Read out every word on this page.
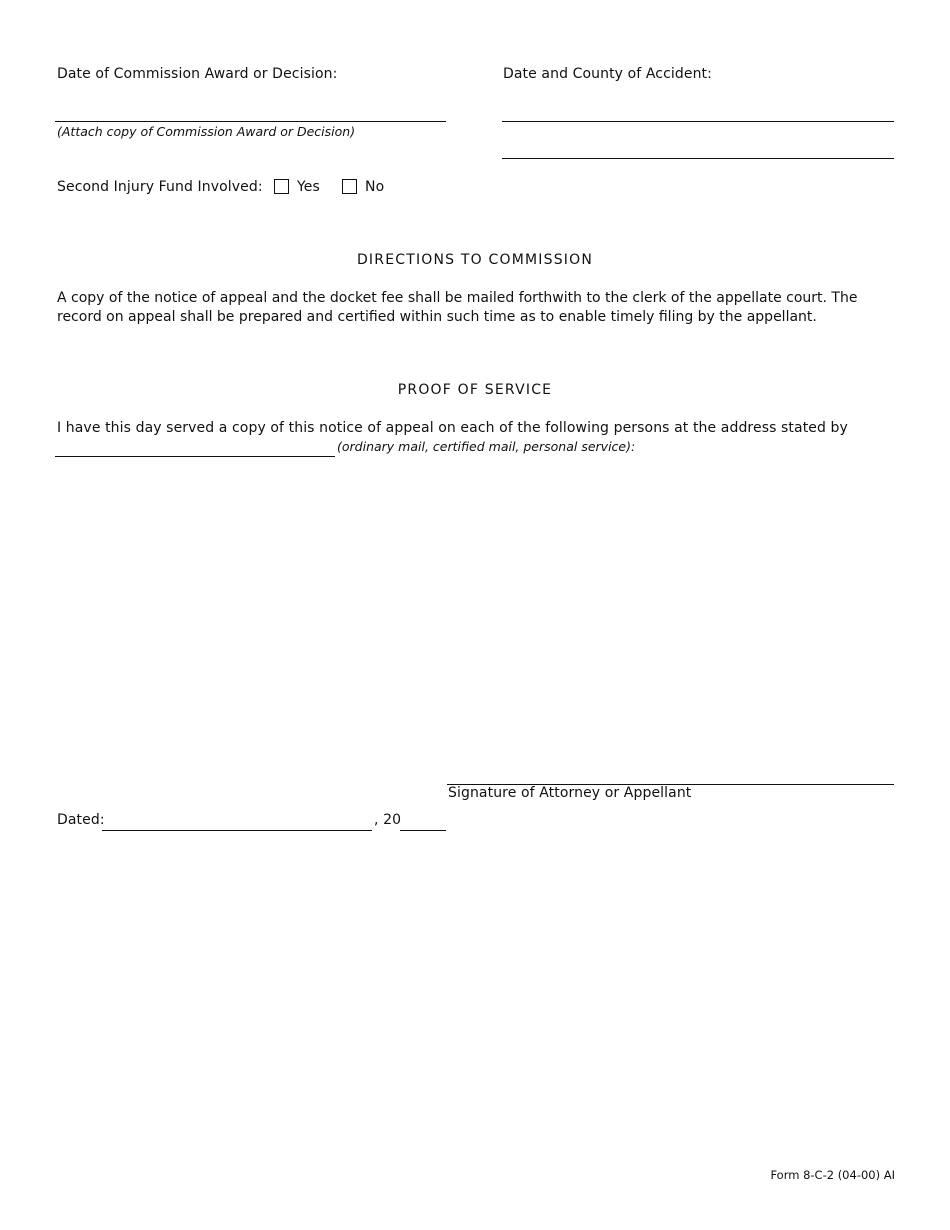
Date of Commission Award or Decision:
(Attach copy of Commission Award or Decision)
Date and County of Accident:
Second Injury Fund Involved: Yes	No
DIRECTIONS TO COMMISSION
A copy of the notice of appeal and the docket fee shall be mailed forthwith to the clerk of the appellate court. The record on appeal shall be prepared and certified within such time as to enable timely filing by the appellant.
PROOF OF SERVICE
I have this day served a copy of this notice of appeal on each of the following persons at the address stated by
(ordinary mail, certified mail, personal service):
Signature of Attorney or Appellant
Dated:	, 20
Form 8-C-2 (04-00) AI
